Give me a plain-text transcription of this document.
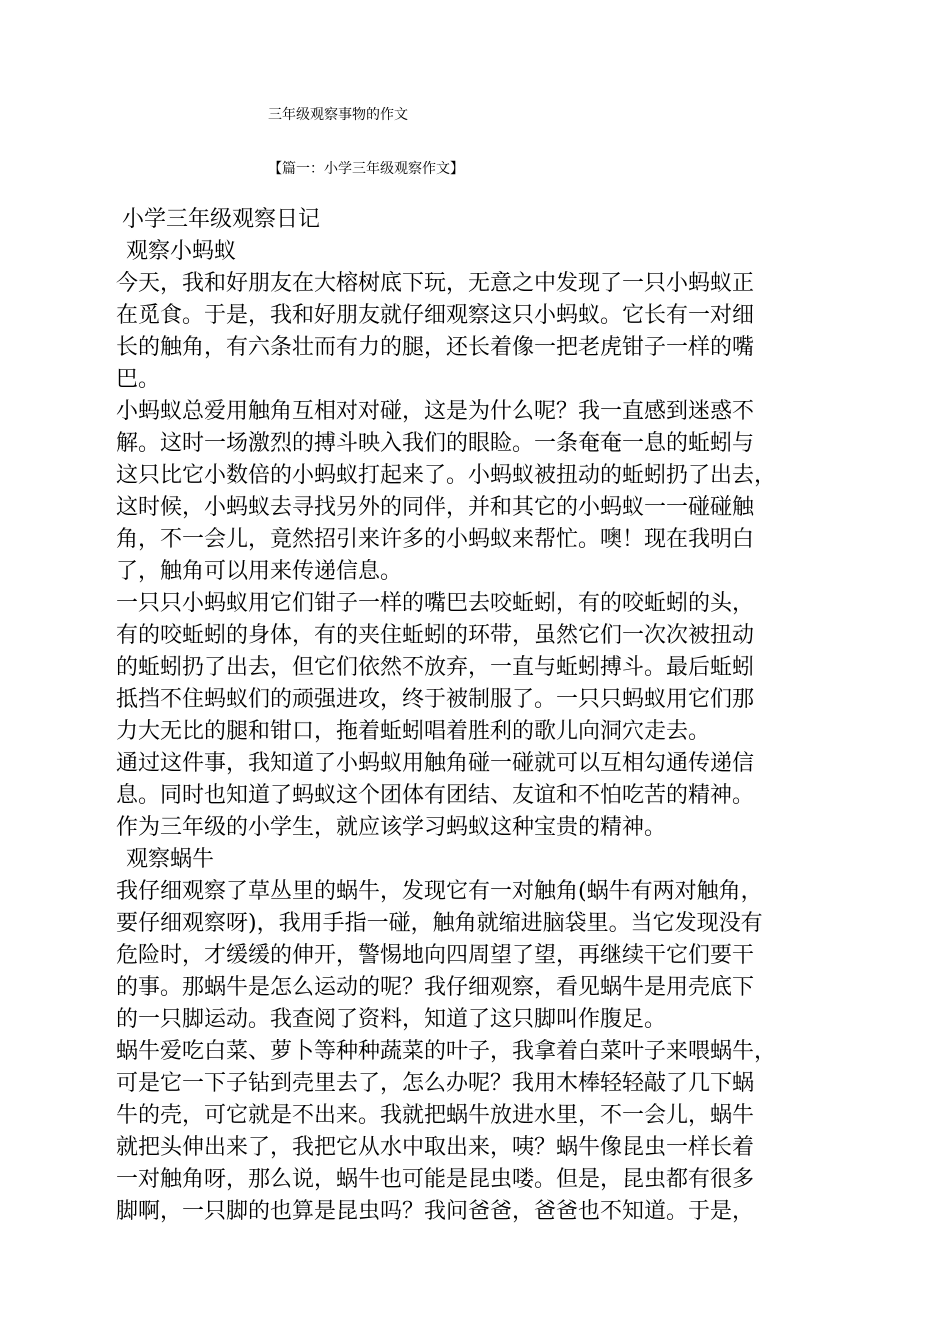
三年级观察事物的作文
【篇一：小学三年级观察作文】
小学三年级观察日记
观察小蚂蚁
今天，我和好朋友在大榕树底下玩，无意之中发现了一只小蚂蚁正
在觅食。于是，我和好朋友就仔细观察这只小蚂蚁。它长有一对细
长的触角，有六条壮而有力的腿，还长着像一把老虎钳子一样的嘴
巴。
小蚂蚁总爱用触角互相对对碰，这是为什么呢？我一直感到迷惑不
解。这时一场激烈的搏斗映入我们的眼睑。一条奄奄一息的蚯蚓与
这只比它小数倍的小蚂蚁打起来了。小蚂蚁被扭动的蚯蚓扔了出去，
这时候，小蚂蚁去寻找另外的同伴，并和其它的小蚂蚁一一碰碰触
角，不一会儿，竟然招引来许多的小蚂蚁来帮忙。噢！现在我明白
了，触角可以用来传递信息。
一只只小蚂蚁用它们钳子一样的嘴巴去咬蚯蚓，有的咬蚯蚓的头，
有的咬蚯蚓的身体，有的夹住蚯蚓的环带，虽然它们一次次被扭动
的蚯蚓扔了出去，但它们依然不放弃，一直与蚯蚓搏斗。最后蚯蚓
抵挡不住蚂蚁们的顽强进攻，终于被制服了。一只只蚂蚁用它们那
力大无比的腿和钳口，拖着蚯蚓唱着胜利的歌儿向洞穴走去。
通过这件事，我知道了小蚂蚁用触角碰一碰就可以互相勾通传递信
息。同时也知道了蚂蚁这个团体有团结、友谊和不怕吃苦的精神。
作为三年级的小学生，就应该学习蚂蚁这种宝贵的精神。
观察蜗牛
我仔细观察了草丛里的蜗牛，发现它有一对触角(蜗牛有两对触角，
要仔细观察呀)，我用手指一碰，触角就缩进脑袋里。当它发现没有
危险时，才缓缓的伸开，警惕地向四周望了望，再继续干它们要干
的事。那蜗牛是怎么运动的呢？我仔细观察，看见蜗牛是用壳底下
的一只脚运动。我查阅了资料，知道了这只脚叫作腹足。
蜗牛爱吃白菜、萝卜等种种蔬菜的叶子，我拿着白菜叶子来喂蜗牛，
可是它一下子钻到壳里去了，怎么办呢？我用木棒轻轻敲了几下蜗
牛的壳，可它就是不出来。我就把蜗牛放进水里，不一会儿，蜗牛
就把头伸出来了，我把它从水中取出来，咦？蜗牛像昆虫一样长着
一对触角呀，那么说，蜗牛也可能是昆虫喽。但是，昆虫都有很多
脚啊，一只脚的也算是昆虫吗？我问爸爸，爸爸也不知道。于是，
